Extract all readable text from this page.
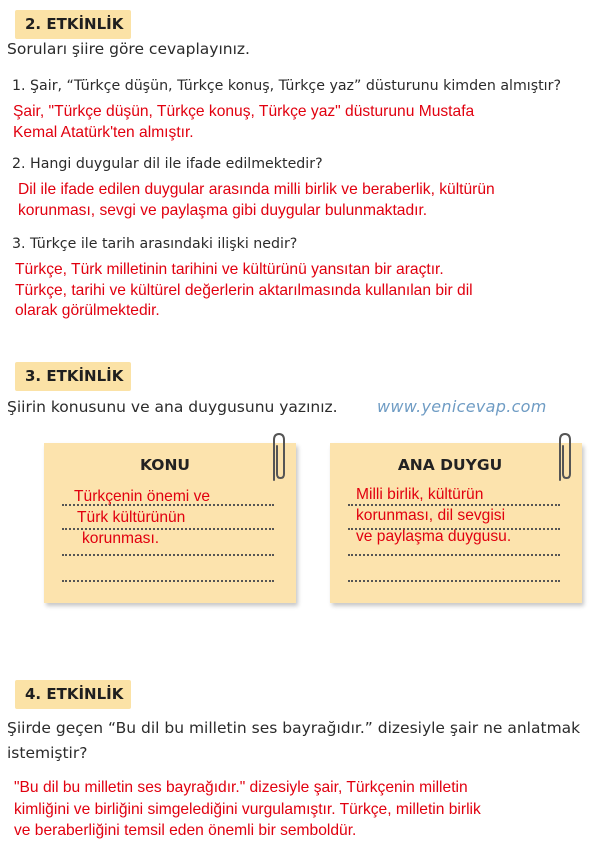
2. ETKİNLİK
Soruları şiire göre cevaplayınız.
1. Şair, “Türkçe düşün, Türkçe konuş, Türkçe yaz” düsturunu kimden almıştır?
Şair, "Türkçe düşün, Türkçe konuş, Türkçe yaz" düsturunu Mustafa
Kemal Atatürk'ten almıştır.
2. Hangi duygular dil ile ifade edilmektedir?
Dil ile ifade edilen duygular arasında milli birlik ve beraberlik, kültürün
korunması, sevgi ve paylaşma gibi duygular bulunmaktadır.
3. Türkçe ile tarih arasındaki ilişki nedir?
Türkçe, Türk milletinin tarihini ve kültürünü yansıtan bir araçtır.
Türkçe, tarihi ve kültürel değerlerin aktarılmasında kullanılan bir dil
olarak görülmektedir.
3. ETKİNLİK
Şiirin konusunu ve ana duygusunu yazınız. www.yenicevap.com
KONU
Türkçenin önemi ve
Türk kültürünün
korunması.
ANA DUYGU
Milli birlik, kültürün
korunması, dil sevgisi
ve paylaşma duygusu.
4. ETKİNLİK
Şiirde geçen “Bu dil bu milletin ses bayrağıdır.” dizesiyle şair ne anlatmak
istemiştir?
"Bu dil bu milletin ses bayrağıdır." dizesiyle şair, Türkçenin milletin
kimliğini ve birliğini simgelediğini vurgulamıştır. Türkçe, milletin birlik
ve beraberliğini temsil eden önemli bir semboldür.
